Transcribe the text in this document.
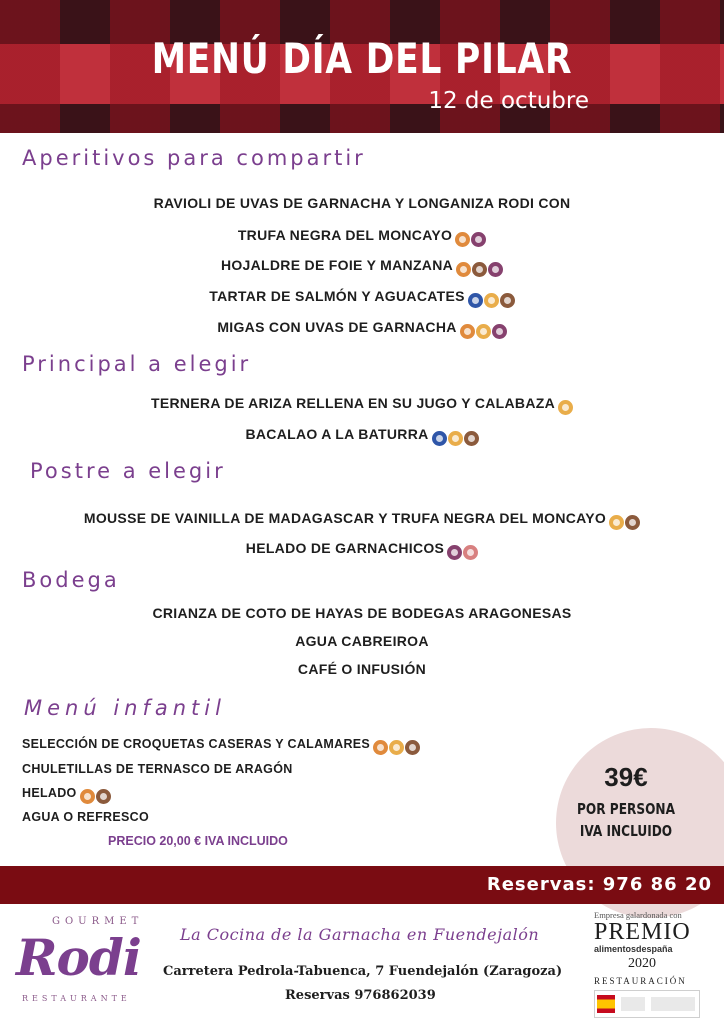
MENÚ DÍA DEL PILAR
12 de octubre
Aperitivos para compartir
RAVIOLI DE UVAS DE GARNACHA Y LONGANIZA RODI CON
TRUFA NEGRA DEL MONCAYO
HOJALDRE DE FOIE Y MANZANA
TARTAR DE SALMÓN Y AGUACATES
MIGAS CON UVAS DE GARNACHA
Principal a elegir
TERNERA DE ARIZA RELLENA EN SU JUGO Y CALABAZA
BACALAO A LA BATURRA
Postre a elegir
MOUSSE DE VAINILLA DE MADAGASCAR Y TRUFA NEGRA DEL MONCAYO
HELADO DE GARNACHICOS
Bodega
CRIANZA DE COTO DE HAYAS DE BODEGAS ARAGONESAS
AGUA CABREIROA
CAFÉ O INFUSIÓN
Menú infantil
SELECCIÓN DE CROQUETAS CASERAS Y CALAMARES
CHULETILLAS DE TERNASCO DE ARAGÓN
HELADO
AGUA O REFRESCO
PRECIO 20,00 € IVA INCLUIDO
39€
POR PERSONA
IVA INCLUIDO
Reservas: 976 86 20
GOURMET
Rodi
RESTAURANTE
La Cocina de la Garnacha en Fuendejalón
Carretera Pedrola-Tabuenca, 7 Fuendejalón (Zaragoza)
Reservas 976862039
Empresa galardonada con
PREMIO
alimentosdespaña
2020
RESTAURACIÓN
